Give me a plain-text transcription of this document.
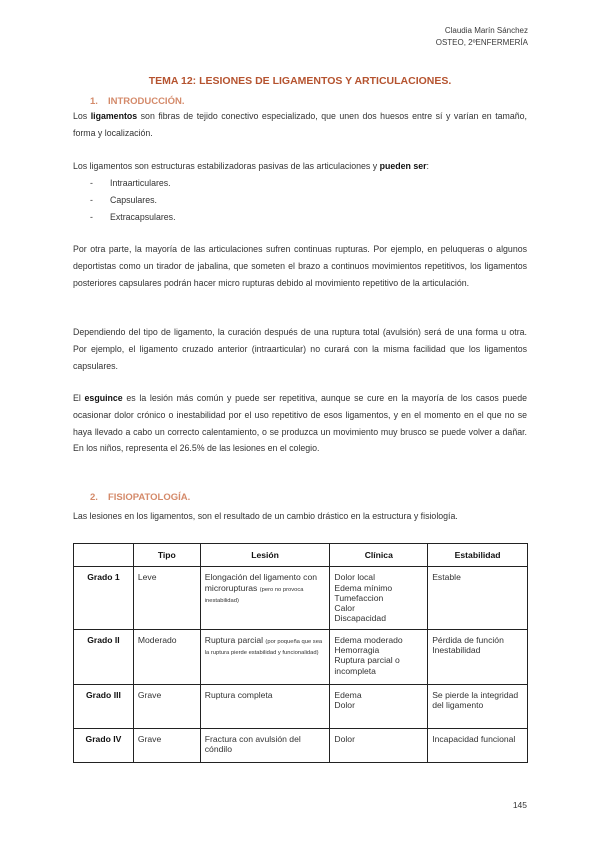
Claudia Marín Sánchez
OSTEO, 2ºENFERMERÍA
TEMA 12: LESIONES DE LIGAMENTOS Y ARTICULACIONES.
1. INTRODUCCIÓN.
Los ligamentos son fibras de tejido conectivo especializado, que unen dos huesos entre sí y varían en tamaño, forma y localización.
Los ligamentos son estructuras estabilizadoras pasivas de las articulaciones y pueden ser:
-	Intraarticulares.
-	Capsulares.
-	Extracapsulares.
Por otra parte, la mayoría de las articulaciones sufren continuas rupturas. Por ejemplo, en peluqueras o algunos deportistas como un tirador de jabalina, que someten el brazo a continuos movimientos repetitivos, los ligamentos posteriores capsulares podrán hacer micro rupturas debido al movimiento repetitivo de la articulación.
Dependiendo del tipo de ligamento, la curación después de una ruptura total (avulsión) será de una forma u otra. Por ejemplo, el ligamento cruzado anterior (intraarticular) no curará con la misma facilidad que los ligamentos capsulares.
El esguince es la lesión más común y puede ser repetitiva, aunque se cure en la mayoría de los casos puede ocasionar dolor crónico o inestabilidad por el uso repetitivo de esos ligamentos, y en el momento en el que no se haya llevado a cabo un correcto calentamiento, o se produzca un movimiento muy brusco se puede volver a dañar. En los niños, representa el 26.5% de las lesiones en el colegio.
2. FISIOPATOLOGÍA.
Las lesiones en los ligamentos, son el resultado de un cambio drástico en la estructura y fisiología.
	Tipo	Lesión	Clínica	Estabilidad
Grado 1	Leve	Elongación del ligamento con microrupturas (pero no provoca inestabilidad)	Dolor local
Edema mínimo
Tumefaccion
Calor
Discapacidad	Estable
Grado II	Moderado	Ruptura parcial (por poqueña que sea la ruptura pierde estabilidad y funcionalidad)	Edema moderado
Hemorragia
Ruptura parcial o incompleta	Pérdida de función Inestabilidad
Grado III	Grave	Ruptura completa	Edema
Dolor	Se pierde la integridad del ligamento
Grado IV	Grave	Fractura con avulsión del cóndilo	Dolor	Incapacidad funcional
145
